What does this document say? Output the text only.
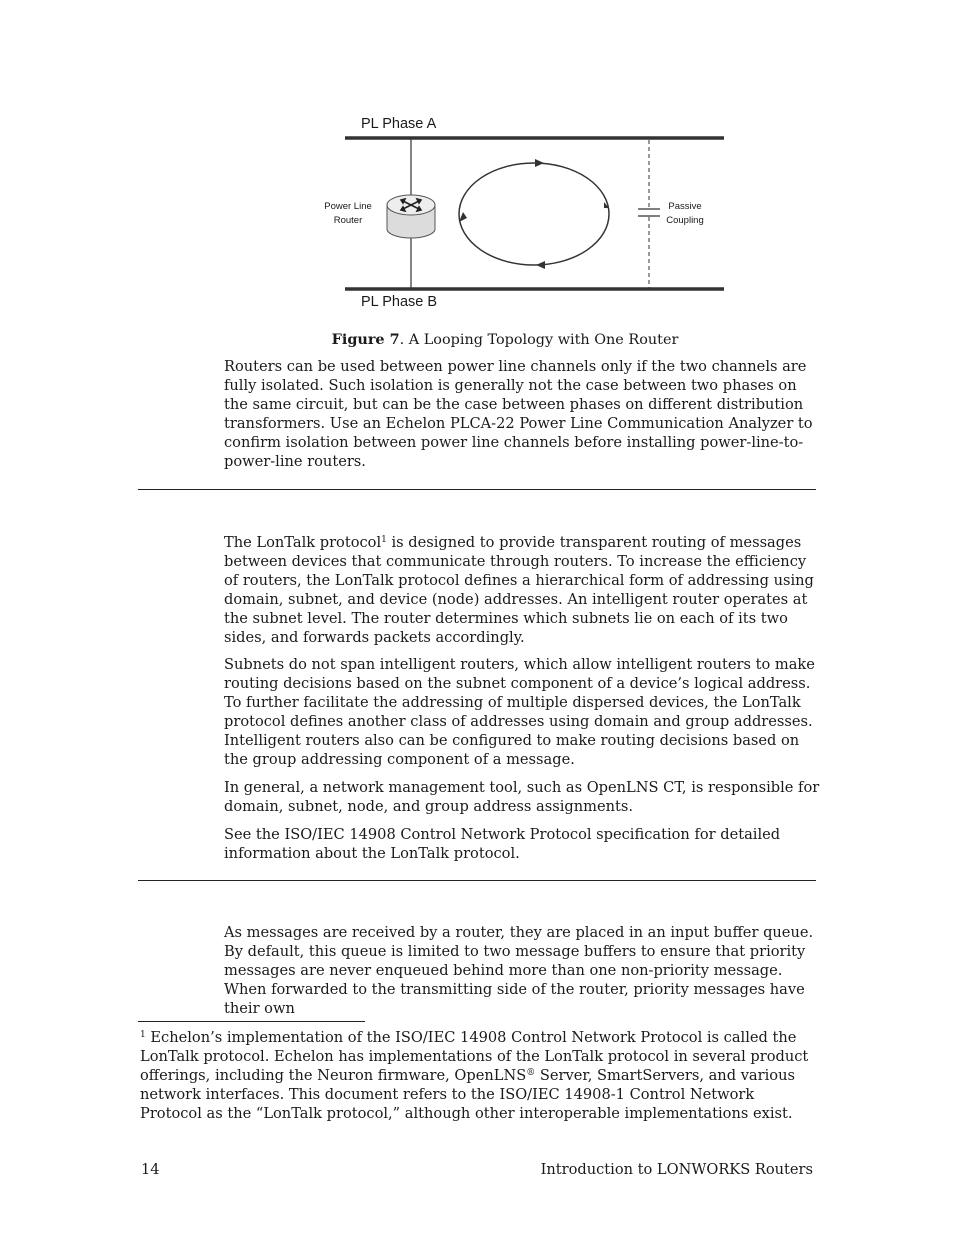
PL Phase A
PL Phase B
Power Line
Router
Passive
Coupling
Figure 7. A Looping Topology with One Router

Routers can be used between power line channels only if the two channels are fully isolated. Such isolation is generally not the case between two phases on the same circuit, but can be the case between phases on different distribution transformers. Use an Echelon PLCA-22 Power Line Communication Analyzer to confirm isolation between power line channels before installing power-line-to-power-line routers.

The LonTalk protocol$^1$ is designed to provide transparent routing of messages between devices that communicate through routers. To increase the efficiency of routers, the LonTalk protocol defines a hierarchical form of addressing using domain, subnet, and device (node) addresses. An intelligent router operates at the subnet level. The router determines which subnets lie on each of its two sides, and forwards packets accordingly.

Subnets do not span intelligent routers, which allow intelligent routers to make routing decisions based on the subnet component of a device’s logical address. To further facilitate the addressing of multiple dispersed devices, the LonTalk protocol defines another class of addresses using domain and group addresses. Intelligent routers also can be configured to make routing decisions based on the group addressing component of a message.

In general, a network management tool, such as OpenLNS CT, is responsible for domain, subnet, node, and group address assignments.

See the ISO/IEC 14908 Control Network Protocol specification for detailed information about the LonTalk protocol.

As messages are received by a router, they are placed in an input buffer queue. By default, this queue is limited to two message buffers to ensure that priority messages are never enqueued behind more than one non-priority message. When forwarded to the transmitting side of the router, priority messages have their own

$^1$ Echelon’s implementation of the ISO/IEC 14908 Control Network Protocol is called the LonTalk protocol. Echelon has implementations of the LonTalk protocol in several product offerings, including the Neuron firmware, OpenLNS® Server, SmartServers, and various network interfaces. This document refers to the ISO/IEC 14908-1 Control Network Protocol as the “LonTalk protocol,” although other interoperable implementations exist.

14	Introduction to LONWORKS Routers
